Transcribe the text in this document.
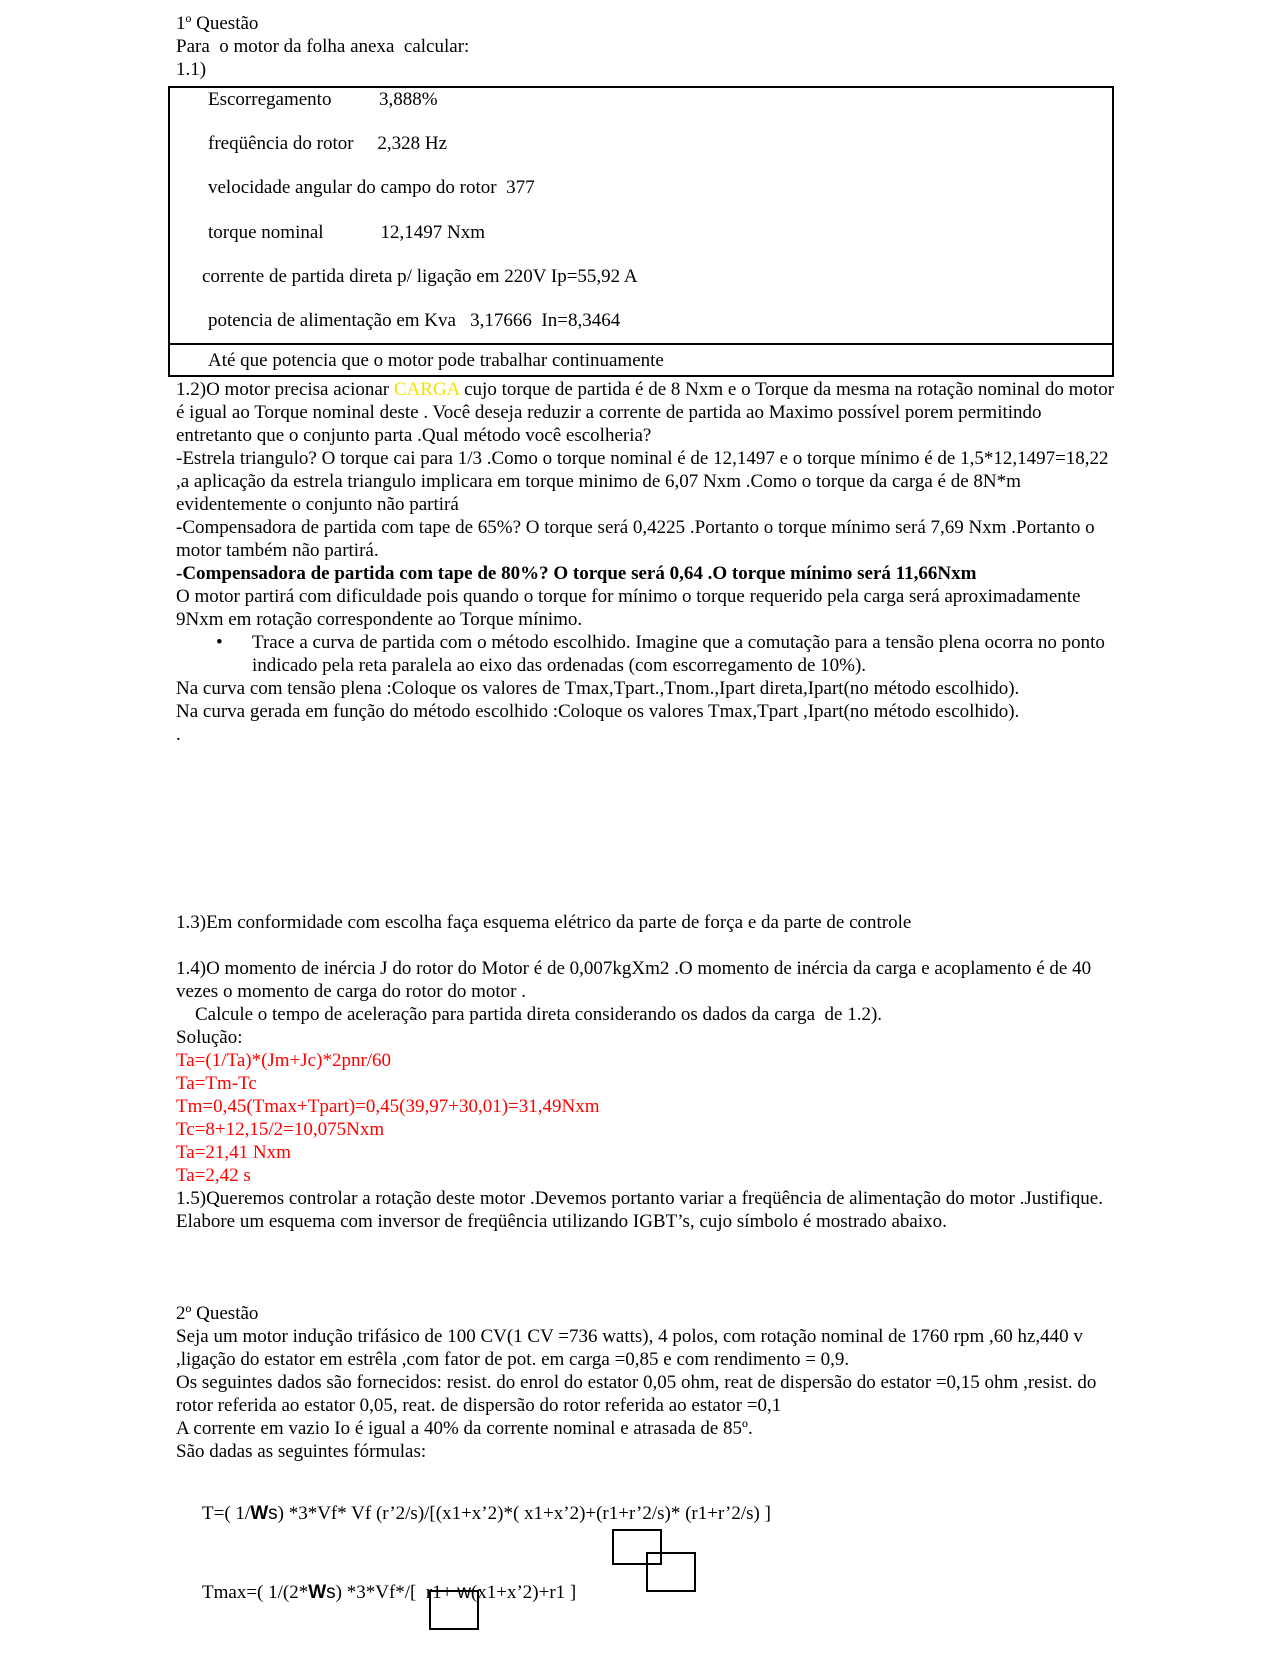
1º Questão
Para  o motor da folha anexa  calcular:
1.1)
Escorregamento          3,888%
freqüência do rotor     2,328 Hz
velocidade angular do campo do rotor  377
torque nominal            12,1497 Nxm
corrente de partida direta p/ ligação em 220V Ip=55,92 A
potencia de alimentação em Kva   3,17666  In=8,3464
Até que potencia que o motor pode trabalhar continuamente
1.2)O motor precisa acionar CARGA cujo torque de partida é de 8 Nxm e o Torque da mesma na rotação nominal do motor é igual ao Torque nominal deste . Você deseja reduzir a corrente de partida ao Maximo possível porem permitindo entretanto que o conjunto parta .Qual método você escolheria?
-Estrela triangulo? O torque cai para 1/3 .Como o torque nominal é de 12,1497 e o torque mínimo é de 1,5*12,1497=18,22 ,a aplicação da estrela triangulo implicara em torque minimo de 6,07 Nxm .Como o torque da carga é de 8N*m evidentemente o conjunto não partirá
-Compensadora de partida com tape de 65%? O torque será 0,4225 .Portanto o torque mínimo será 7,69 Nxm .Portanto o motor também não partirá.
-Compensadora de partida com tape de 80%? O torque será 0,64 .O torque mínimo será 11,66Nxm
O motor partirá com dificuldade pois quando o torque for mínimo o torque requerido pela carga será aproximadamente 9Nxm em rotação correspondente ao Torque mínimo.
• Trace a curva de partida com o método escolhido. Imagine que a comutação para a tensão plena ocorra no ponto indicado pela reta paralela ao eixo das ordenadas (com escorregamento de 10%).
Na curva com tensão plena :Coloque os valores de Tmax,Tpart.,Tnom.,Ipart direta,Ipart(no método escolhido).
Na curva gerada em função do método escolhido :Coloque os valores Tmax,Tpart ,Ipart(no método escolhido).
.
1.3)Em conformidade com escolha faça esquema elétrico da parte de força e da parte de controle
1.4)O momento de inércia J do rotor do Motor é de 0,007kgXm2 .O momento de inércia da carga e acoplamento é de 40 vezes o momento de carga do rotor do motor .
Calcule o tempo de aceleração para partida direta considerando os dados da carga  de 1.2).
Solução:
Ta=(1/Ta)*(Jm+Jc)*2pnr/60
Ta=Tm-Tc
Tm=0,45(Tmax+Tpart)=0,45(39,97+30,01)=31,49Nxm
Tc=8+12,15/2=10,075Nxm
Ta=21,41 Nxm
Ta=2,42 s
1.5)Queremos controlar a rotação deste motor .Devemos portanto variar a freqüência de alimentação do motor .Justifique.
Elabore um esquema com inversor de freqüência utilizando IGBT’s, cujo símbolo é mostrado abaixo.
2º Questão
Seja um motor indução trifásico de 100 CV(1 CV =736 watts), 4 polos, com rotação nominal de 1760 rpm ,60 hz,440 v ,ligação do estator em estrêla ,com fator de pot. em carga =0,85 e com rendimento = 0,9.
Os seguintes dados são fornecidos: resist. do enrol do estator 0,05 ohm, reat de dispersão do estator =0,15 ohm ,resist. do rotor referida ao estator 0,05, reat. de dispersão do rotor referida ao estator =0,1
A corrente em vazio Io é igual a 40% da corrente nominal e atrasada de 85º.
São dadas as seguintes fórmulas:
T=( 1/Ws) *3*Vf* Vf (r’2/s)/[(x1+x’2)*( x1+x’2)+(r1+r’2/s)* (r1+r’2/s) ]
Tmax=( 1/(2*Ws) *3*Vf*/[  r1+ w(x1+x’2)+r1 ]
